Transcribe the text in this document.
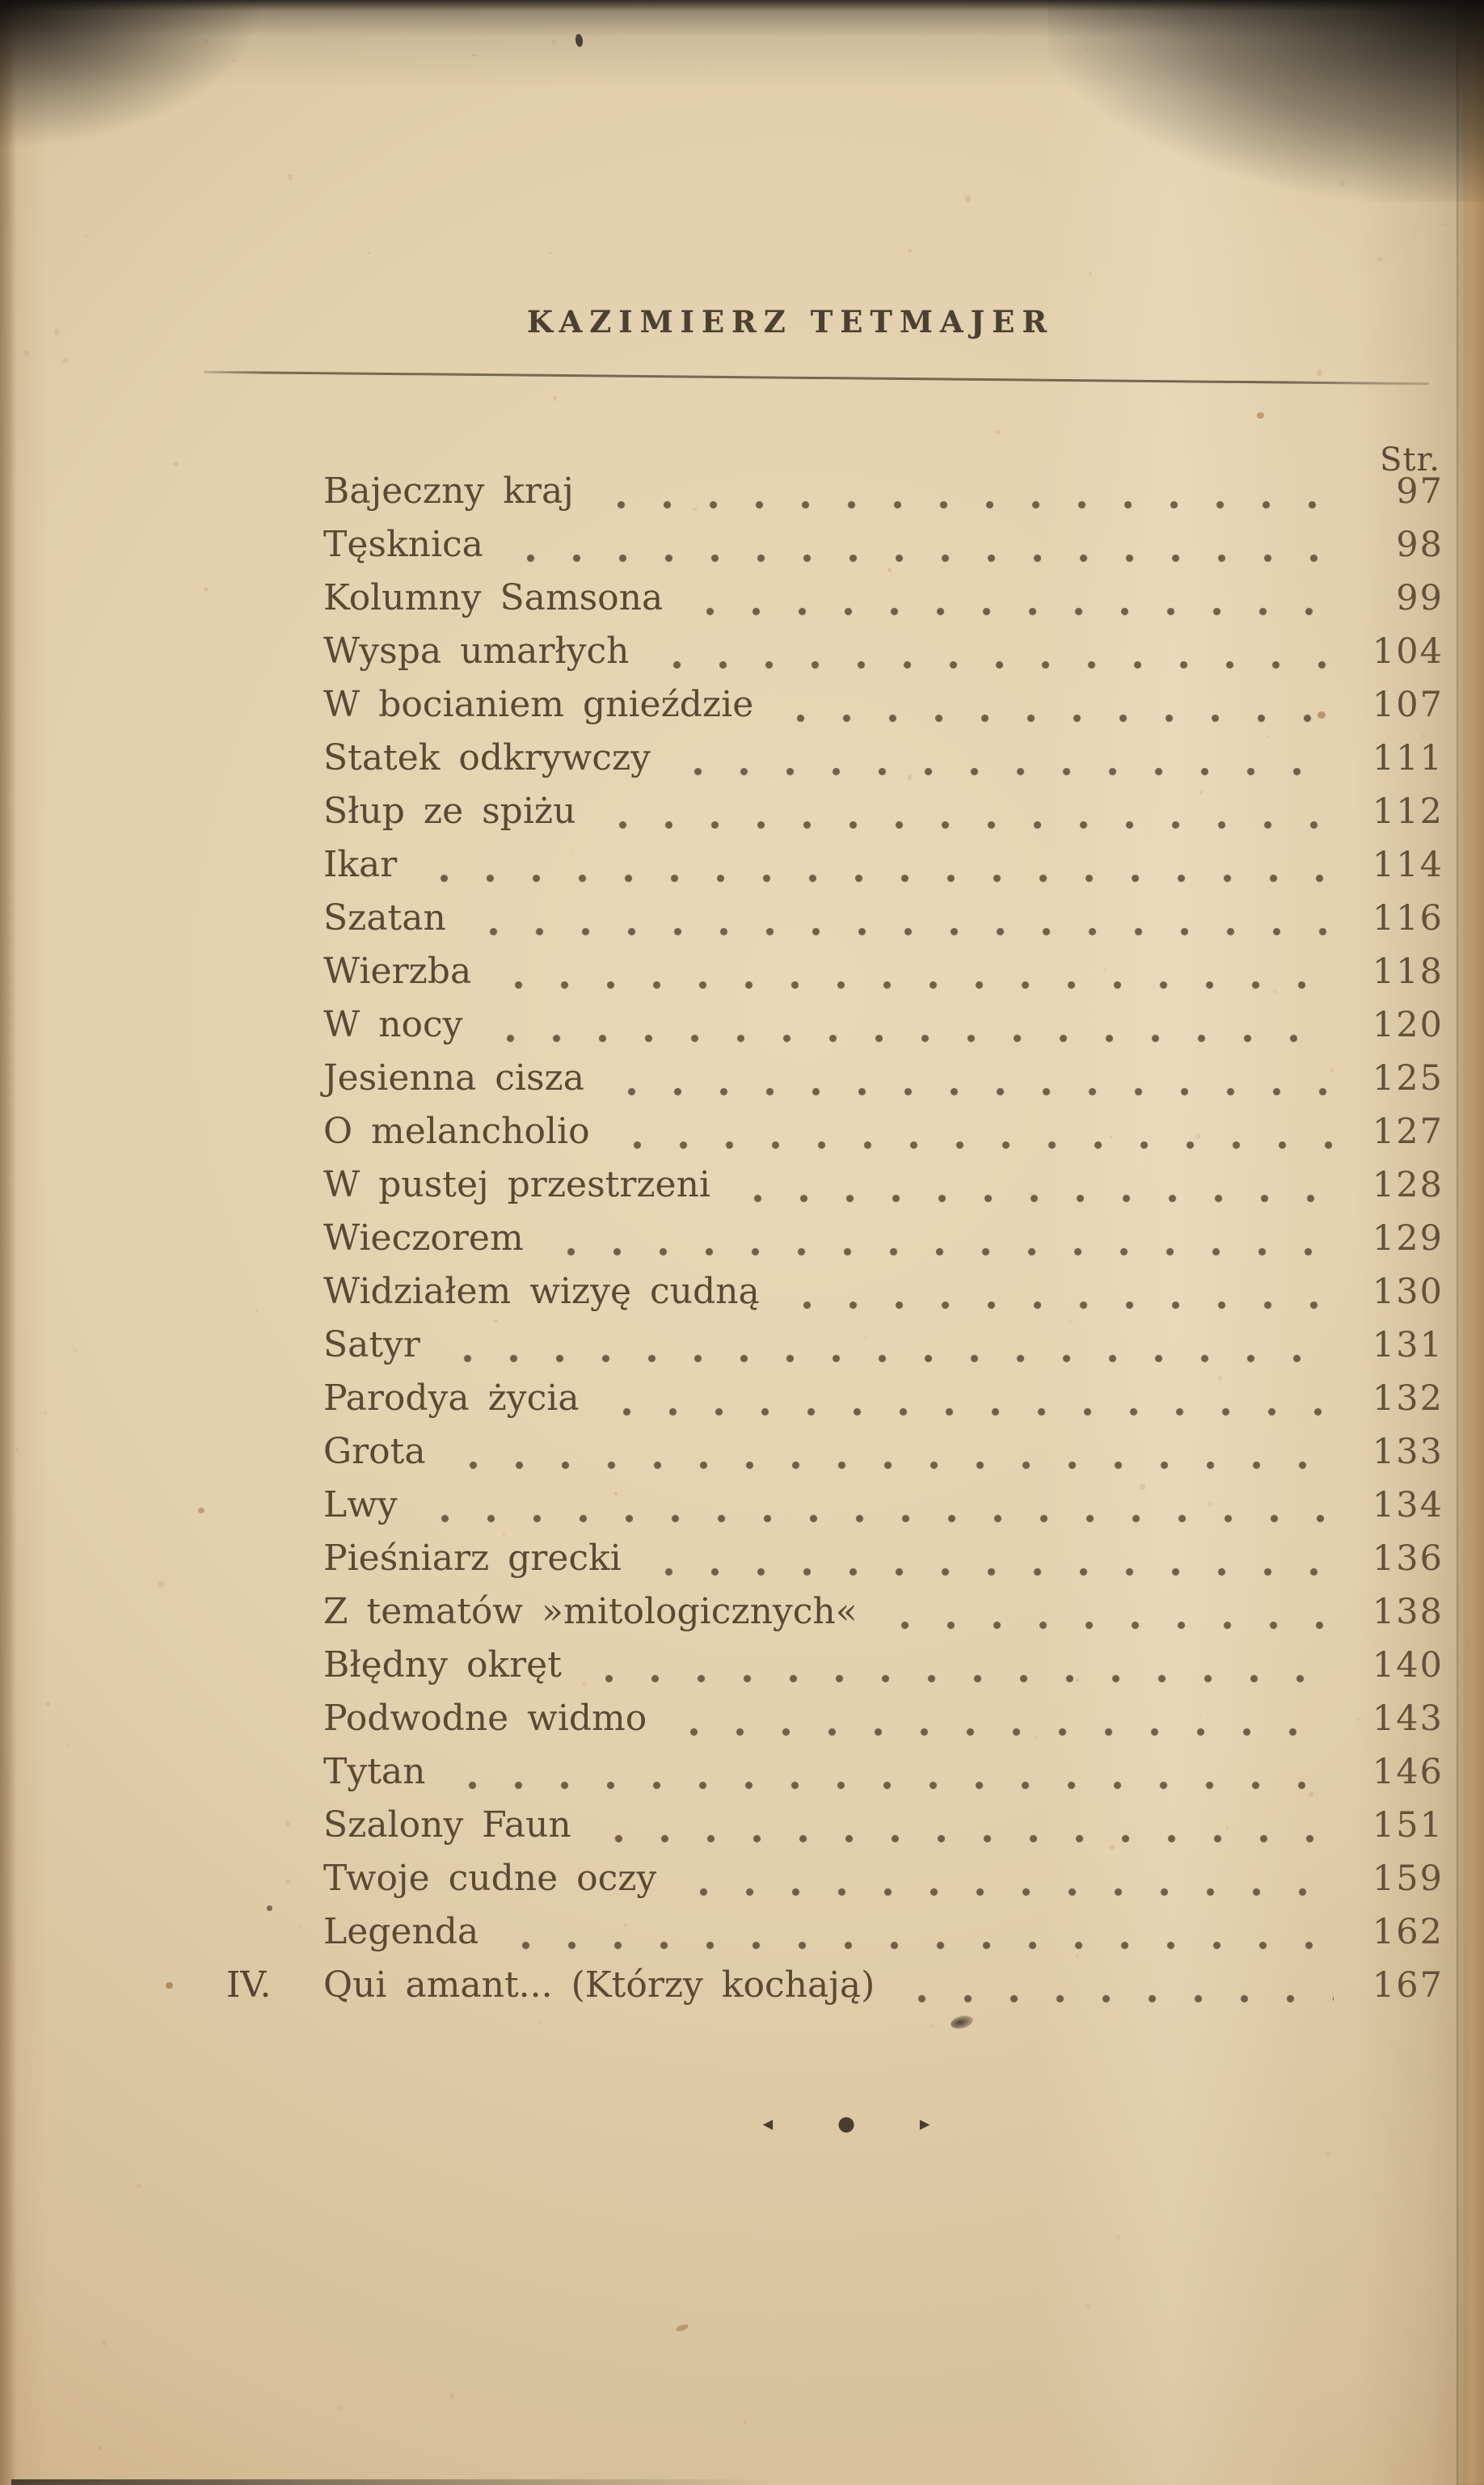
KAZIMIERZ TETMAJER
Str.
Bajeczny kraj	97
Tęsknica	98
Kolumny Samsona	99
Wyspa umarłych	104
W bocianiem gnieździe	107
Statek odkrywczy	111
Słup ze spiżu	112
Ikar	114
Szatan	116
Wierzba	118
W nocy	120
Jesienna cisza	125
O melancholio	127
W pustej przestrzeni	128
Wieczorem	129
Widziałem wizyę cudną	130
Satyr	131
Parodya życia	132
Grota	133
Lwy	134
Pieśniarz grecki	136
Z tematów »mitologicznych«	138
Błędny okręt	140
Podwodne widmo	143
Tytan	146
Szalony Faun	151
Twoje cudne oczy	159
Legenda	162
IV.	Qui amant... (Którzy kochają)	167
◂ ● ▸
